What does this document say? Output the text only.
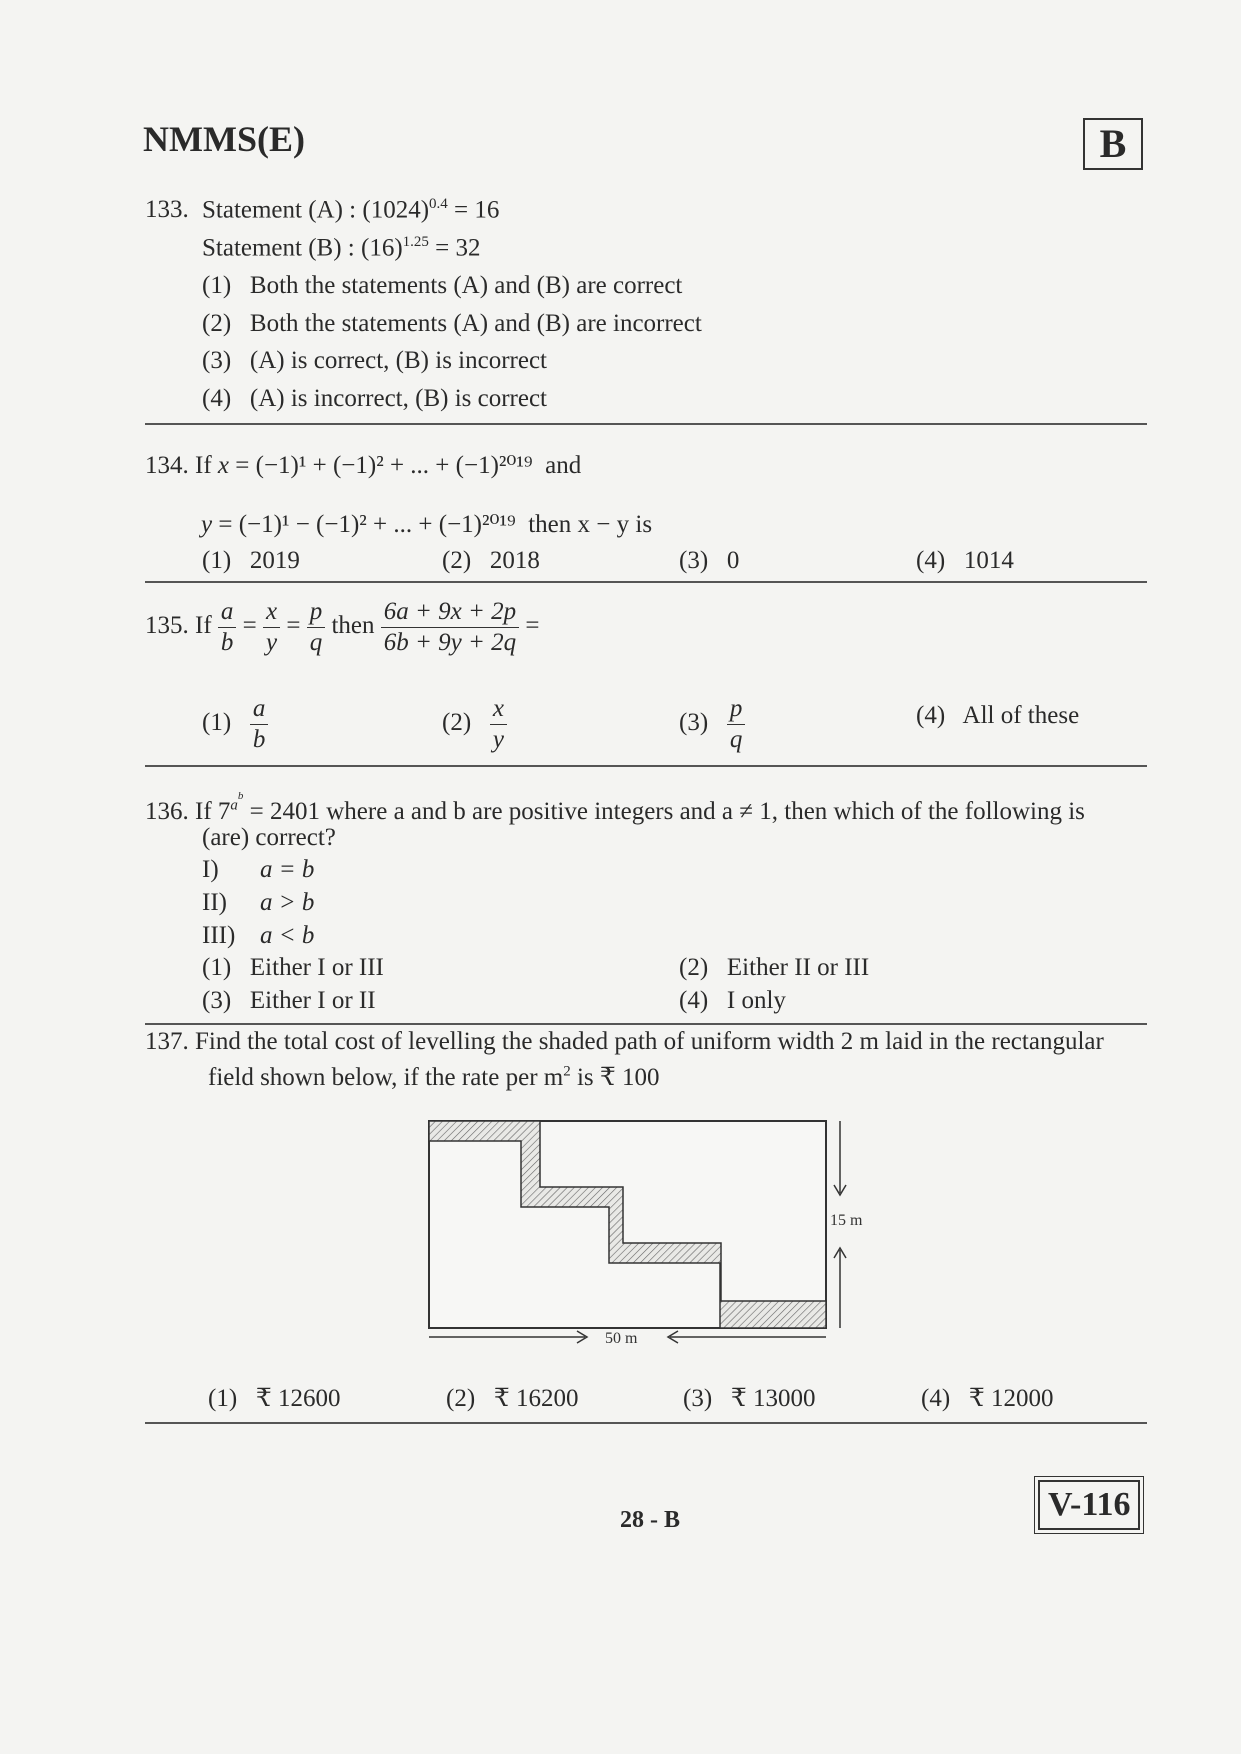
NMMS(E)	B
133. Statement (A) : $(1024)^{0.4} = 16$
Statement (B) : $(16)^{1.25} = 32$
(1) Both the statements (A) and (B) are correct
(2) Both the statements (A) and (B) are incorrect
(3) (A) is correct, (B) is incorrect
(4) (A) is incorrect, (B) is correct
134. If x = (−1)¹ + (−1)² + ... + (−1)²⁰¹⁹ and
y = (−1)¹ − (−1)² + ... + (−1)²⁰¹⁹ then x − y is
(1) 2019	(2) 2018	(3) 0	(4) 1014
135. If $\frac{a}{b} = \frac{x}{y} = \frac{p}{q}$ then $\frac{6a + 9x + 2p}{6b + 9y + 2q}$ =
$(1) \frac{a}{b}$	$(2) \frac{x}{y}$	$(3) \frac{p}{q}$	(4) All of these
136. If $7^{ab} = 2401$ where a and b are positive integers and a ≠ 1, then which of the following is
(are) correct?
I) a = b
II) a > b
III) a < b
(1) Either I or III	(2) Either II or III
(3) Either I or II	(4) I only
137. Find the total cost of levelling the shaded path of uniform width 2 m laid in the rectangular
field shown below, if the rate per $m^2$ is ₹ 100
15 m
50 m
(1) ₹ 12600	(2) ₹ 16200	(3) ₹ 13000	(4) ₹ 12000
28 - B	V-116
